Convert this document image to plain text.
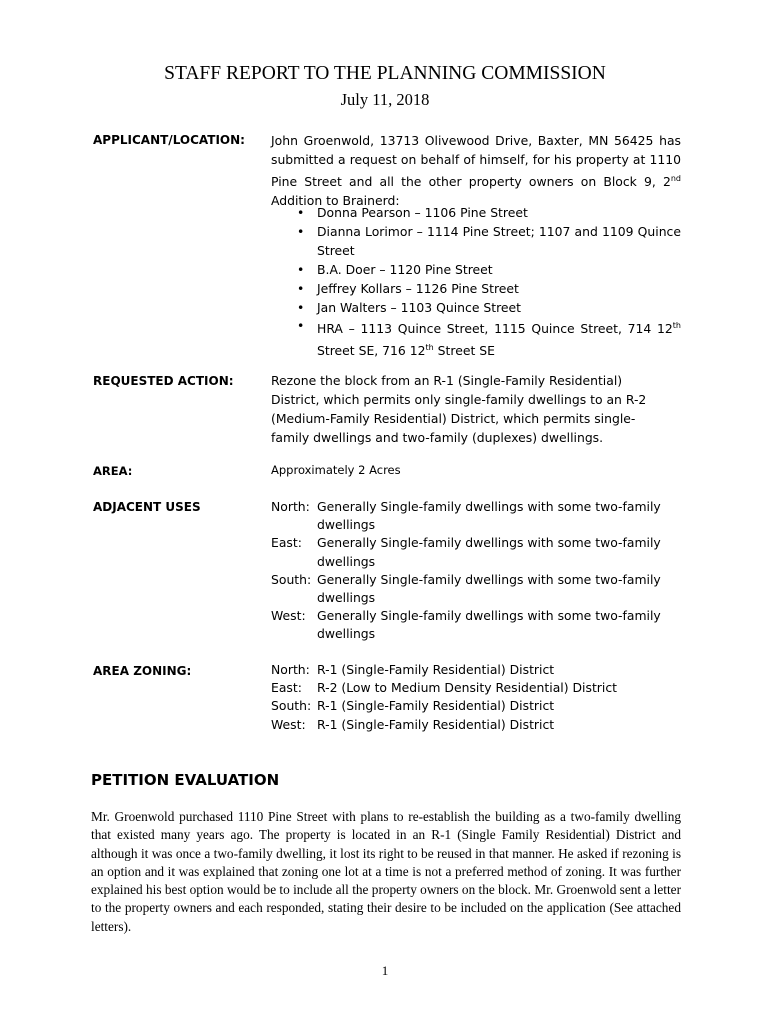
STAFF REPORT TO THE PLANNING COMMISSION
July 11, 2018
APPLICANT/LOCATION: John Groenwold, 13713 Olivewood Drive, Baxter, MN 56425 has submitted a request on behalf of himself, for his property at 1110 Pine Street and all the other property owners on Block 9, 2nd Addition to Brainerd:
• Donna Pearson – 1106 Pine Street
• Dianna Lorimor – 1114 Pine Street; 1107 and 1109 Quince Street
• B.A. Doer – 1120 Pine Street
• Jeffrey Kollars – 1126 Pine Street
• Jan Walters – 1103 Quince Street
• HRA – 1113 Quince Street, 1115 Quince Street, 714 12th Street SE, 716 12th Street SE
REQUESTED ACTION:	Rezone the block from an R-1 (Single-Family Residential) District, which permits only single-family dwellings to an R-2 (Medium-Family Residential) District, which permits single-family dwellings and two-family (duplexes) dwellings.
AREA:	Approximately 2 Acres
ADJACENT USES	North: Generally Single-family dwellings with some two-family dwellings
East:	Generally Single-family dwellings with some two-family dwellings
South: Generally Single-family dwellings with some two-family dwellings
West: Generally Single-family dwellings with some two-family dwellings
AREA ZONING:	North: R-1 (Single-Family Residential) District
East: R-2 (Low to Medium Density Residential) District
South: R-1 (Single-Family Residential) District
West: R-1 (Single-Family Residential) District
PETITION EVALUATION
Mr. Groenwold purchased 1110 Pine Street with plans to re-establish the building as a two-family dwelling that existed many years ago. The property is located in an R-1 (Single Family Residential) District and although it was once a two-family dwelling, it lost its right to be reused in that manner. He asked if rezoning is an option and it was explained that zoning one lot at a time is not a preferred method of zoning. It was further explained his best option would be to include all the property owners on the block. Mr. Groenwold sent a letter to the property owners and each responded, stating their desire to be included on the application (See attached letters).
1
